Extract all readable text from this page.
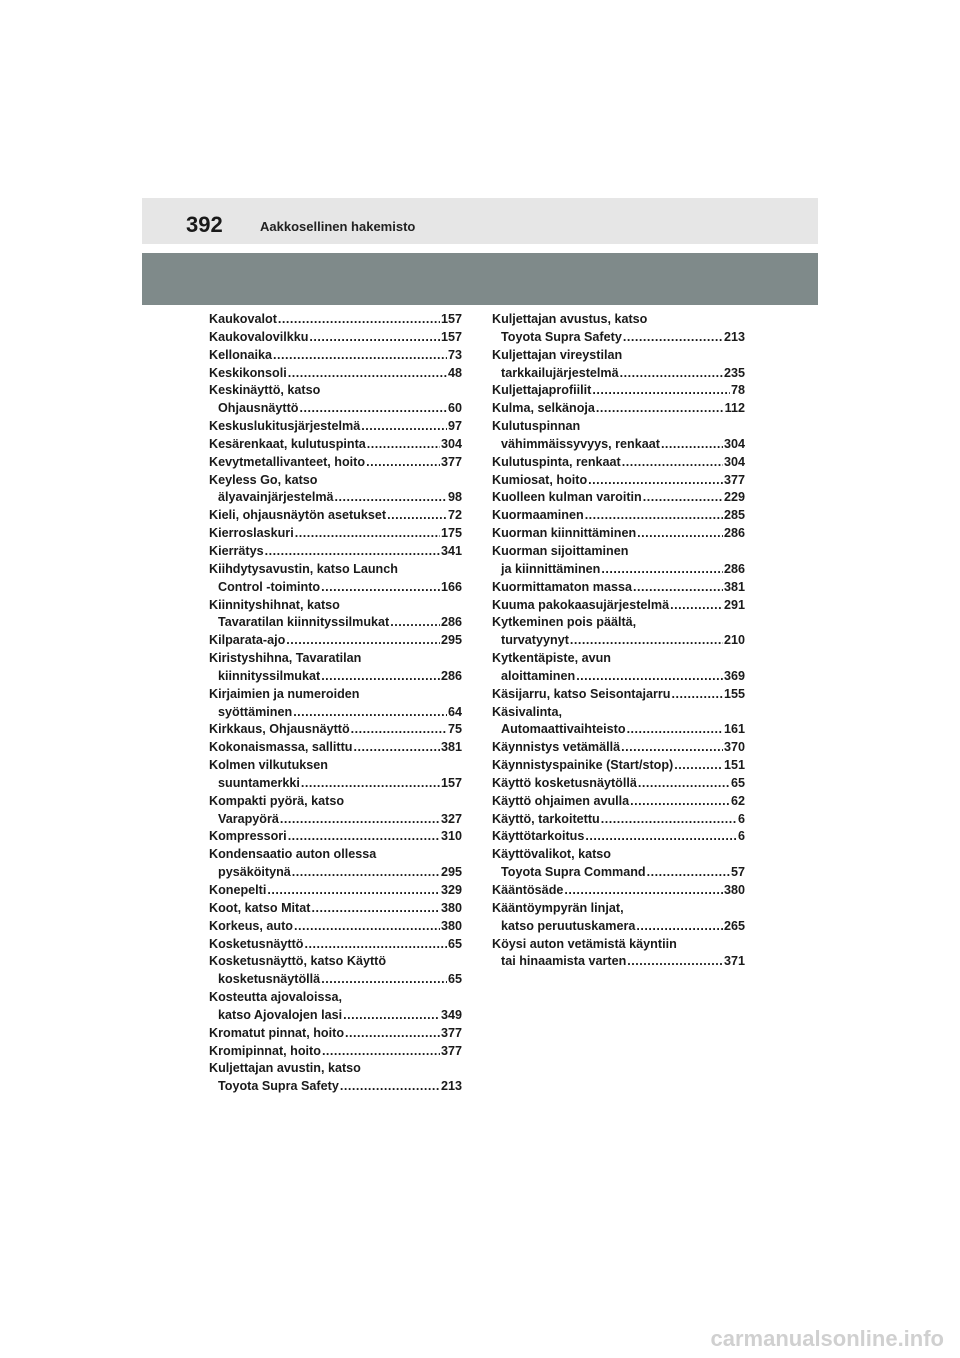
392	Aakkosellinen hakemisto
Kaukovalot .....	157
Kaukovalovilkku .....	157
Kellonaika .....	73
Keskikonsoli .....	48
Keskinäyttö, katso
Ohjausnäyttö .....	60
Keskuslukitusjärjestelmä .....	97
Kesärenkaat, kulutuspinta .....	304
Kevytmetallivanteet, hoito .....	377
Keyless Go, katso
älyavainjärjestelmä .....	98
Kieli, ohjausnäytön asetukset .....	72
Kierroslaskuri .....	175
Kierrätys .....	341
Kiihdytysavustin, katso Launch
Control -toiminto .....	166
Kiinnityshihnat, katso
Tavaratilan kiinnityssilmukat .....	286
Kilparata-ajo .....	295
Kiristyshihna, Tavaratilan
kiinnityssilmukat .....	286
Kirjaimien ja numeroiden
syöttäminen .....	64
Kirkkaus, Ohjausnäyttö .....	75
Kokonaismassa, sallittu .....	381
Kolmen vilkutuksen
suuntamerkki .....	157
Kompakti pyörä, katso
Varapyörä .....	327
Kompressori .....	310
Kondensaatio auton ollessa
pysäköitynä .....	295
Konepelti .....	329
Koot, katso Mitat .....	380
Korkeus, auto .....	380
Kosketusnäyttö .....	65
Kosketusnäyttö, katso Käyttö
kosketusnäytöllä .....	65
Kosteutta ajovaloissa,
katso Ajovalojen lasi .....	349
Kromatut pinnat, hoito .....	377
Kromipinnat, hoito .....	377
Kuljettajan avustin, katso
Toyota Supra Safety .....	213
Kuljettajan avustus, katso
Toyota Supra Safety .....	213
Kuljettajan vireystilan
tarkkailujärjestelmä .....	235
Kuljettajaprofiilit .....	78
Kulma, selkänoja .....	112
Kulutuspinnan
vähimmäissyvyys, renkaat .....	304
Kulutuspinta, renkaat .....	304
Kumiosat, hoito .....	377
Kuolleen kulman varoitin .....	229
Kuormaaminen .....	285
Kuorman kiinnittäminen .....	286
Kuorman sijoittaminen
ja kiinnittäminen .....	286
Kuormittamaton massa .....	381
Kuuma pakokaasujärjestelmä .....	291
Kytkeminen pois päältä,
turvatyynyt .....	210
Kytkentäpiste, avun
aloittaminen .....	369
Käsijarru, katso Seisontajarru .....	155
Käsivalinta,
Automaattivaihteisto .....	161
Käynnistys vetämällä .....	370
Käynnistyspainike (Start/stop) .....	151
Käyttö kosketusnäytöllä .....	65
Käyttö ohjaimen avulla .....	62
Käyttö, tarkoitettu .....	6
Käyttötarkoitus .....	6
Käyttövalikot, katso
Toyota Supra Command .....	57
Kääntösäde .....	380
Kääntöympyrän linjat,
katso peruutuskamera .....	265
Köysi auton vetämistä käyntiin
tai hinaamista varten .....	371
carmanualsonline.info
